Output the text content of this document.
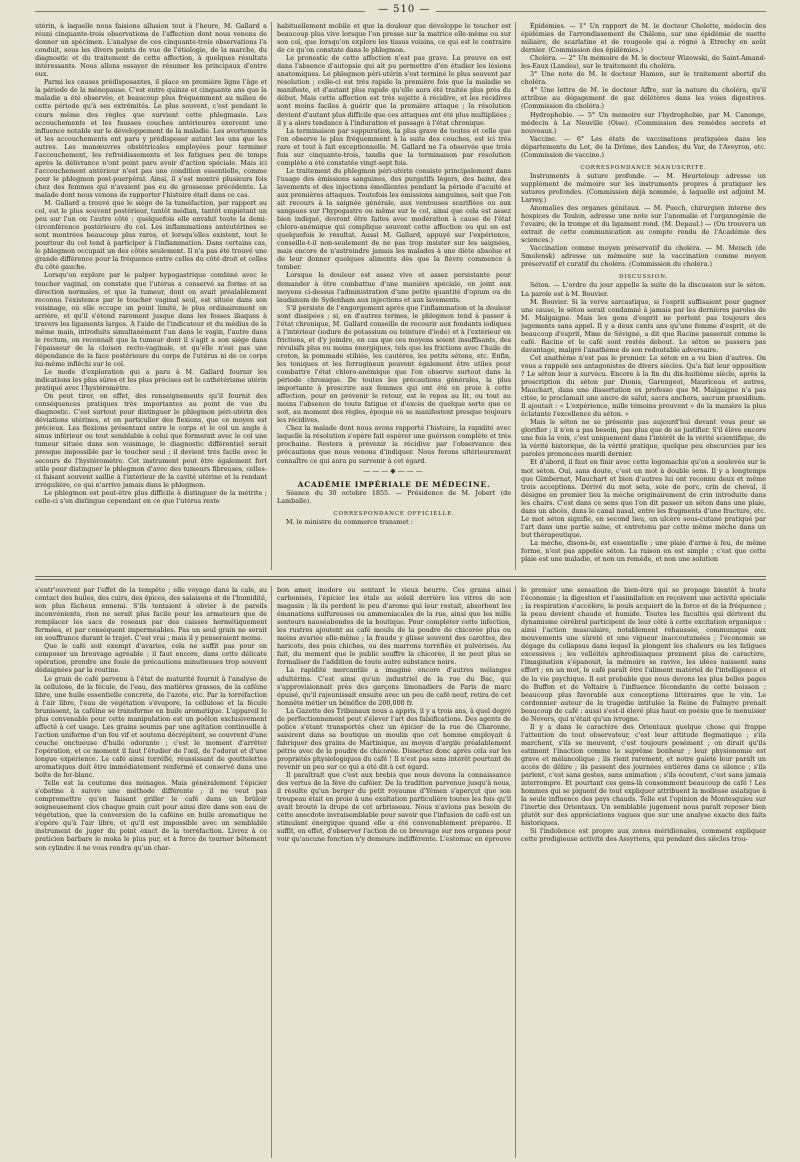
— 510 —

utérin, à laquelle nous faisions allusion tout à l'heure, M. Gallard a réuni cinquante-trois observations de l'affection dont nous venons de donner un spécimen. L'analyse de ces cinquante-trois observations l'a conduit, sous les divers points de vue de l'étiologie, de la marche, du diagnostic et du traitement de cette affection, à quelques résultats intéressants. Nous allons essayer de résumer les principaux d'entre eux.

Parmi les causes prédisposantes, il place en première ligne l'âge et la période de la ménopause. C'est entre quinze et cinquante ans que la maladie a été observée, et beaucoup plus fréquemment au milieu de cette période qu'à ses extrémités. Le plus souvent, c'est pendant le cours même des règles que survient cette phlegmasie. Les accouchements et les fausses couches antérieures exercent une influence notable sur le développement de la maladie. Les avortements et les accouchements ont paru y prédisposer autant les uns que les autres. Les manœuvres obstétricales employées pour terminer l'accouchement, les refroidissements et les fatigues peu de temps après la délivrance n'ont point paru avoir d'action spéciale. Mais ici l'accouchement antérieur n'est pas une condition essentielle, comme pour le phlegmon post-puerpéral. Ainsi, il s'est montré plusieurs fois chez des femmes qui n'avaient pas eu de grossesse précédente. La malade dont nous venons de rapporter l'histoire était dans ce cas.

M. Gallard a trouvé que le siége de la tuméfaction, par rapport au col, est le plus souvent postérieur, tantôt médian, tantôt empiétant un peu sur l'un ou l'autre côté ; quelquefois elle envahit toute la demi-circonférence postérieure du col. Les inflammations antéutérines se sont montrées beaucoup plus rares, et lorsqu'elles existent, tout le pourtour du col tend à participer à l'inflammation. Dans certains cas, le phlegmon occupait un des côtés seulement. Il n'a pas été trouvé une grande différence pour la fréquence entre celles du côté droit et celles du côté gauche.

Lorsqu'on explore par le palper hypogastrique combiné avec le toucher vaginal, on constate que l'utérus a conservé sa forme et sa direction normales, et que la tumeur, dont on avait préalablement reconnu l'existence par le toucher vaginal seul, est située dans son voisinage, où elle occupe un point limité, le plus ordinairement en arrière, et qu'il s'étend rarement jusque dans les fosses iliaques à travers les ligaments larges. A l'aide de l'indicateur et du médius de la même main, introduits simultanément l'un dans le vagin, l'autre dans le rectum, on reconnaît que la tumeur dont il s'agit a son siége dans l'épaisseur de la cloison recto-vaginale, et qu'elle n'est pas une dépendance de la face postérieure du corps de l'utérus ni de ce corps lui-même infléchi sur le col.

Le mode d'exploration qui a paru à M. Gallard fournir les indications les plus sûres et les plus précises est le cathétérisme utérin pratiqué avec l'hystéromètre.

On peut tirer, en effet, des renseignements qu'il fournit des conséquences pratiques très importantes au point de vue du diagnostic. C'est surtout pour distinguer le phlegmon péri-utérin des déviations utérines, et en particulier des flexions, que ce moyen est précieux. Les flexions présentant entre le corps et le col un angle à sinus inférieur ou tout semblable à celui que formerait avec le col une tumeur située dans son voisinage, le diagnostic différentiel serait presque impossible par le toucher seul ; il devient très facile avec le secours de l'hystéromètre. Cet instrument peut être également fort utile pour distinguer le phlegmon d'avec des tumeurs fibreuses, celles-ci faisant souvent saillie à l'intérieur de la cavité utérine et la rendant irrégulière, ce qui n'arrive jamais dans le phlegmon.

Le phlegmon est peut-être plus difficile à distinguer de la métrite ; celle-ci s'en distingue cependant en ce que l'utérus reste

habituellement mobile et que la douleur que développe le toucher est beaucoup plus vive lorsque l'on presse sur la matrice elle-même ou sur son col, que lorsqu'on explore les tissus voisins, ce qui est le contraire de ce qu'on constate dans le phlegmon.

Le pronostic de cette affection n'est pas grave. La preuve en est dans l'absence d'autopsie qui ait pu permettre d'en étudier les lésions anatomiques. Le phlegmon péri-utérin s'est terminé le plus souvent par résolution ; celle-ci est très rapide la première fois que la maladie se manifeste, et d'autant plus rapide qu'elle aura été traitée plus près du début. Mais cette affection est très sujette à récidive, et les récidives sont moins faciles à guérir que la première attaque ; la résolution devient d'autant plus difficile que ces attaques ont été plus multipliées ; il y a alors tendance à l'induration et passage à l'état chronique.

La terminaison par suppuration, la plus grave de toutes et celle que l'on observe le plus fréquemment à la suite des couches, est ici très rare et tout à fait exceptionnelle. M. Gallard ne l'a observée que trois fois sur cinquante-trois, tandis que la terminaison par résolution complète a été constatée vingt-sept fois.

Le traitement du phlegmon péri-utérin consiste principalement dans l'usage des émissions sanguines, des purgatifs légers, des bains, des lavements et des injections émollientes pendant la période d'acuité et aux premières attaques. Toutefois les émissions sanguines, soit que l'on ait recours à la saignée générale, aux ventouses scarifiées ou aux sangsues sur l'hypogastre ou même sur le col, ainsi que cela est assez bien indiqué, devront être faites avec modération à cause de l'état chloro-anémique qui complique souvent cette affection ou qui en est quelquefois le résultat. Aussi M. Gallard, appuyé sur l'expérience, conseille-t-il non-seulement de ne pas trop insister sur les saignées, mais encore de n'astreindre jamais les malades à une diète absolue et de leur donner quelques aliments dès que la fièvre commence à tomber.

Lorsque la douleur est assez vive et assez persistante pour demander à être combattue d'une manière spéciale, on joint aux moyens ci-dessus l'administration d'une petite quantité d'opium ou de laudanum de Sydenham aux injections et aux lavements.

S'il persiste de l'engorgement après que l'inflammation et la douleur sont dissipées ; si, en d'autres termes, le phlegmon tend à passer à l'état chronique, M. Gallard conseille de recourir aux fondants iodiques à l'intérieur (iodure de potassium ou teinture d'iode) et à l'extérieur en frictions, et d'y joindre, en cas que ces moyens soient insuffisants, des révulsifs plus ou moins énergiques, tels que les frictions avec l'huile de croton, la pommade stibiée, les cautères, les petits sétons, etc. Enfin, les toniques et les ferrugineux peuvent également être utiles pour combattre l'état chloro-anémique que l'on observe surtout dans la période chronique. De toutes les précautions générales, la plus importante à prescrire aux femmes qui ont été en proie à cette affection, pour en prévenir le retour, est le repos au lit, ou tout au moins l'absence de toute fatigue et d'excès de quelque sorte que ce soit, au moment des règles, époque où se manifestent presque toujours les récidives.

Chez la malade dont nous avons rapporté l'histoire, la rapidité avec laquelle la résolution s'opère fait espérer une guérison complète et très prochaine. Restera à prévenir la récidive par l'observance des précautions que nous venons d'indiquer. Nous ferons ultérieurement connaître ce qui aura pu survenir à cet égard.

———◆———

ACADÉMIE IMPÉRIALE DE MÉDECINE.

Séance du 30 octobre 1855. — Présidence de M. Jobert (de Lamballe).

CORRESPONDANCE OFFICIELLE.

M. le ministre du commerce transmet :

Épidémies. — 1° Un rapport de M. le docteur Cholette, médecin des épidémies de l'arrondissement de Châlons, sur une épidémie de suette miliaire, de scarlatine et de rougeole qui a régné à Etrechy en août dernier. (Commission des épidémies.)

Choléra. — 2° Un mémoire de M. le docteur Wizewski, de Saint-Amand-les-Eaux (Landes), sur le traitement du choléra.

3° Une note de M. le docteur Hamon, sur le traitement abortif du choléra.

4° Une lettre de M. le docteur Affre, sur la nature du choléra, qu'il attribue au dégagement de gaz délétères dans les voies digestives. (Commission du choléra.)

Hydrophobie. — 5° Un mémoire sur l'hydrophobie, par M. Canonge, médecin à La Neuville (Oise). (Commission des remèdes secrets et nouveaux.)

Vaccine. — 6° Les états de vaccinations pratiquées dans les départements du Lot, de la Drôme, des Landes, du Var, de l'Aveyron, etc. (Commission de vaccine.)

CORRESPONDANCE MANUSCRITE.

Instruments à suture profonde. — M. Heurteloup adresse un supplément de mémoire sur les instruments propres à pratiquer les sutures profondes. (Commission déjà nommée, à laquelle est adjoint M. Larrey.)

Anomalies des organes génitaux. — M. Puech, chirurgien interne des hospices de Toulon, adresse une note sur l'anomalie et l'organogénie de l'ovaire, de la trompe et du ligament rond. (M. Depaul.) — (On trouvera un extrait de cette communication au compte rendu de l'Académie des sciences.)

Vaccination comme moyen préservatif du choléra. — M. Meisch (de Smolensk) adresse un mémoire sur la vaccination comme moyen préservatif et curatif du choléra. (Commission du choléra.)

DISCUSSION.

Séton. — L'ordre du jour appelle la suite de la discussion sur le séton. La parole est à M. Bouvier.

M. Bouvier. Si la verve sarcastique, si l'esprit suffisaient pour gagner une cause, le séton serait condamné à jamais par les dernières paroles de M. Malgaigne. Mais les gens d'esprit ne portent pas toujours des jugements sans appel. Il y a deux cents ans qu'une femme d'esprit, et de beaucoup d'esprit, Mme de Sévigné, a dit que Racine passerait comme le café. Racine et le café sont restés debout. Le séton se passera pas davantage, malgré l'anathème de son redoutable adversaire.

Cet anathème n'est pas le premier. Le séton en a vu bien d'autres. On vous a rappelé ses antagonistes de divers siècles. Qu'a fait leur opposition ? Le séton leur a survécu. Encore à la fin du dix-huitième siècle, après la proscription du séton par Dionis, Garengeot, Mauriceau et autres, Mauchart, dans une dissertation ex professo que M. Malgaigne n'a pas citée, le proclamait une ancre de salut, sacra anchora, sacrum praesidium. Il ajoutait : « L'expérience, mille témoins prouvent » de la manière la plus éclatante l'excellence du séton. »

Mais le séton ne se présente pas aujourd'hui devant vous pour se glorifier ; il n'en a pas besoin, pas plus que de se justifier. S'il élève encore une fois la voix, c'est uniquement dans l'intérêt de la vérité scientifique, de la vérité historique, de la vérité pratique, quelque peu obscurcies par les paroles prononcées mardi dernier.

Et d'abord, il faut en finir avec cette logomachie qu'on a soulevée sur le mot séton. Oui, sans doute, c'est un mot à double sens. Il y a longtemps que Gimbernat, Mauchart et bien d'autres lui ont reconnu deux et même trois acceptions. Dérivé du mot seta, soie de porc, crin de cheval, il désigne en premier lieu la mèche originairement de crin introduite dans les chairs. C'est dans ce sens que l'on dit passer un séton dans une plaie, dans un abcès, dans le canal nasal, entre les fragments d'une fracture, etc. Le mot séton signifie, en second lieu, un ulcère sous-cutané pratiqué par l'art dans une partie saine, et entretenu par cette même mèche dans un but thérapeutique.

La mèche, disons-le, est essentielle ; une plaie d'arme à feu, de même forme, n'est pas appelée séton. La raison en est simple ; c'est que cette plaie est une maladie, et non un remède, et non une solution

s'entr'ouvrent par l'effet de la tempête ; elle voyage dans la cale, au contact des huiles, des cuirs, des épices, des salaisons et de l'humidité, son plus fâcheux ennemi. S'ils tentaient à obvier à de pareils inconvénients, rien ne serait plus facile pour les armateurs que de remplacer les sacs de roseaux par des caisses hermétiquement fermées, et par conséquent imperméables. Pas un seul grain ne serait en souffrance durant le trajet. C'est vrai ; mais il y penseraient moins.

Que le café soit exempt d'avaries, cela ne suffit pas pour en composer un breuvage agréable ; il faut encore, dans cette délicate opération, prendre une foule de précautions minutieuses trop souvent dédaignées par la routine.

Le grain de café parvenu à l'état de maturité fournit à l'analyse de la cellulose, de la fécule, de l'eau, des matières grasses, de la caféine libre, une huile essentielle concrète, de l'azote, etc. Par la torréfaction à l'air libre, l'eau de végétation s'évapore, la cellulose et la fécule brunissent, la caféine se transforme en huile aromatique. L'appareil le plus convenable pour cette manipulation est un poêlon exclusivement affecté à cet usage. Les grains soumis par une agitation continuelle à l'action uniforme d'un feu vif et soutenu décrépitent, se couvrent d'une couche onctueuse d'huile odorante ; c'est le moment d'arrêter l'opération, et ce moment il faut l'étudier de l'œil, de l'odorat et d'une longue expérience. Le café ainsi torréfié, réussissant de gouttelettes aromatiques doit être immédiatement renfermé et conservé dans une boîte de fer-blanc.

Telle est la coutume des ménages. Mais généralement l'épicier s'obstine à suivre une méthode différente ; il ne veut pas compromettre qu'en faisant griller le café dans un brûloir soigneusement clos chaque grain cuit pour ainsi dire dans son eau de végétation, que la conversion de la caféine en huile aromatique ne s'opère qu'à l'air libre, et qu'il est impossible avec un semblable instrument de juger du point exact de la torréfaction. Livrez à ce praticien barbare le moka le plus pur, et à force de tourner bêtement son cylindre il ne vous rendra qu'un char-

bon amer, inodore ou sentant le vieux beurre. Ces grains ainsi carbonisés, l'épicier les étale au soleil derrière les vitres de son magasin ; là ils perdent le peu d'arome qui leur restait, absorbent les émanations sulfureuses ou ammoniacales de la rue, ainsi que les mille senteurs nauséabondes de la boutique. Pour compléter cette infection, les rustres ajoutent au café moulu de la poudre de chicorée plus ou moins avariée elle-même ; la fraude y glisse souvent des carottes, des haricots, des pois chiches, ou des marrons torréfiés et pulvérisés. Au fait, du moment que le public souffre la chicorée, il ne peut plus se formaliser de l'addition de toute autre substance noire.

La rapidité mercantile a imaginé encore d'autres mélanges adultérins. C'est ainsi qu'un industriel de la rue du Bac, qui s'approvisionnait près des garçons limonadiers de Paris de marc épuisé, qu'il rajeunissait ensuite avec un peu de café neuf, retira de cet honnête métier un bénéfice de 200,000 fr.

La Gazette des Tribunaux nous a appris, il y a trois ans, à quel degré de perfectionnement peut s'élever l'art des falsifications. Des agents de police s'étant transportés chez un épicier de la rue de Charonne, saisirent dans sa boutique un moulin que cet homme employait à fabriquer des grains de Martinique, au moyen d'argile préalablement pétrie avec de la poudre de chicorée. Dissertez donc après cela sur les propriétés physiologiques du café ! Il n'est pas sans intérêt pourtant de revenir un peu sur ce qui a été dit à cet égard.

Il paraîtrait que c'est aux brebis que nous devons la connaissance des vertus de la fève du caféier. De la tradition parvenue jusqu'à nous, il résulte qu'un berger du petit royaume d'Yémen s'aperçut que son troupeau était en proie à une exaltation particulière toutes les fois qu'il avait brouté la drupe de cet arbrisseau. Nous n'avions pas besoin de cette anecdote invraisemblable pour savoir que l'infusion de café est un stimulant énergique quand elle a été convenablement préparée. Il suffit, en effet, d'observer l'action de ce breuvage sur nos organes pour voir qu'aucune fonction n'y demeure indifférente. L'estomac en éprouve

le premier une sensation de bien-être qui se propage bientôt à toute l'économie ; la digestion et l'assimilation en reçoivent une activité spéciale ; la respiration s'accélère, le pouls acquiert de la force et de la fréquence ; la peau devient chaude et humide. Toutes les facultés qui dérivent du dynamisme cérébral participent de leur côté à cette excitation organique : ainsi l'action musculaire, notablement rehaussée, communique aux mouvements une sûreté et une vigueur inaccoutumées ; l'économie se dégage du collapsus dans lequel la plongent les chaleurs ou les fatigues excessives ; les velléités aphrodisiaques prennent plus de caractère, l'imagination s'épanouit, la mémoire se ravive, les idées naissent sans effort ; en un mot, le café paraît être l'aliment matériel de l'intelligence et de la vie psychique. Il est probable que nous devons les plus belles pages de Buffon et de Voltaire à l'influence fécondante de cette boisson ; beaucoup plus favorable aux conceptions littéraires que le vin. Le cordonnier auteur de la tragédie intitulée la Reine de Palmyre prenait beaucoup de café : aussi s'est-il élevé plus haut en poésie que le menuisier de Nevers, qui n'était qu'un ivrogne.

Il y a dans le caractère des Orientaux quelque chose qui frappe l'attention de tout observateur, c'est leur attitude flegmatique ; s'ils marchent, s'ils se meuvent, c'est toujours posément ; on dirait qu'ils estiment l'inaction comme le suprême bonheur ; leur physionomie est grave et mélancolique ; ils rient rarement, et notre gaieté leur paraît un accès de délire ; ils passent des journées entières dans ce silence ; s'ils parlent, c'est sans gestes, sans animation ; s'ils écoutent, c'est sans jamais interrompre. Et pourtant ces gens-là consomment beaucoup de café ! Les hommes qui se piquent de tout expliquer attribuent la mollesse asiatique à la seule influence des pays chauds. Telle est l'opinion de Montesquieu sur l'inertie des Orientaux. Un semblable jugement nous paraît reposer bien plutôt sur des appréciations vagues que sur une analyse exacte des faits historiques.

Si l'indolence est propre aux zones méridionales, comment expliquer cette prodigieuse activité des Assyriens, qui pendant des siècles trou-
